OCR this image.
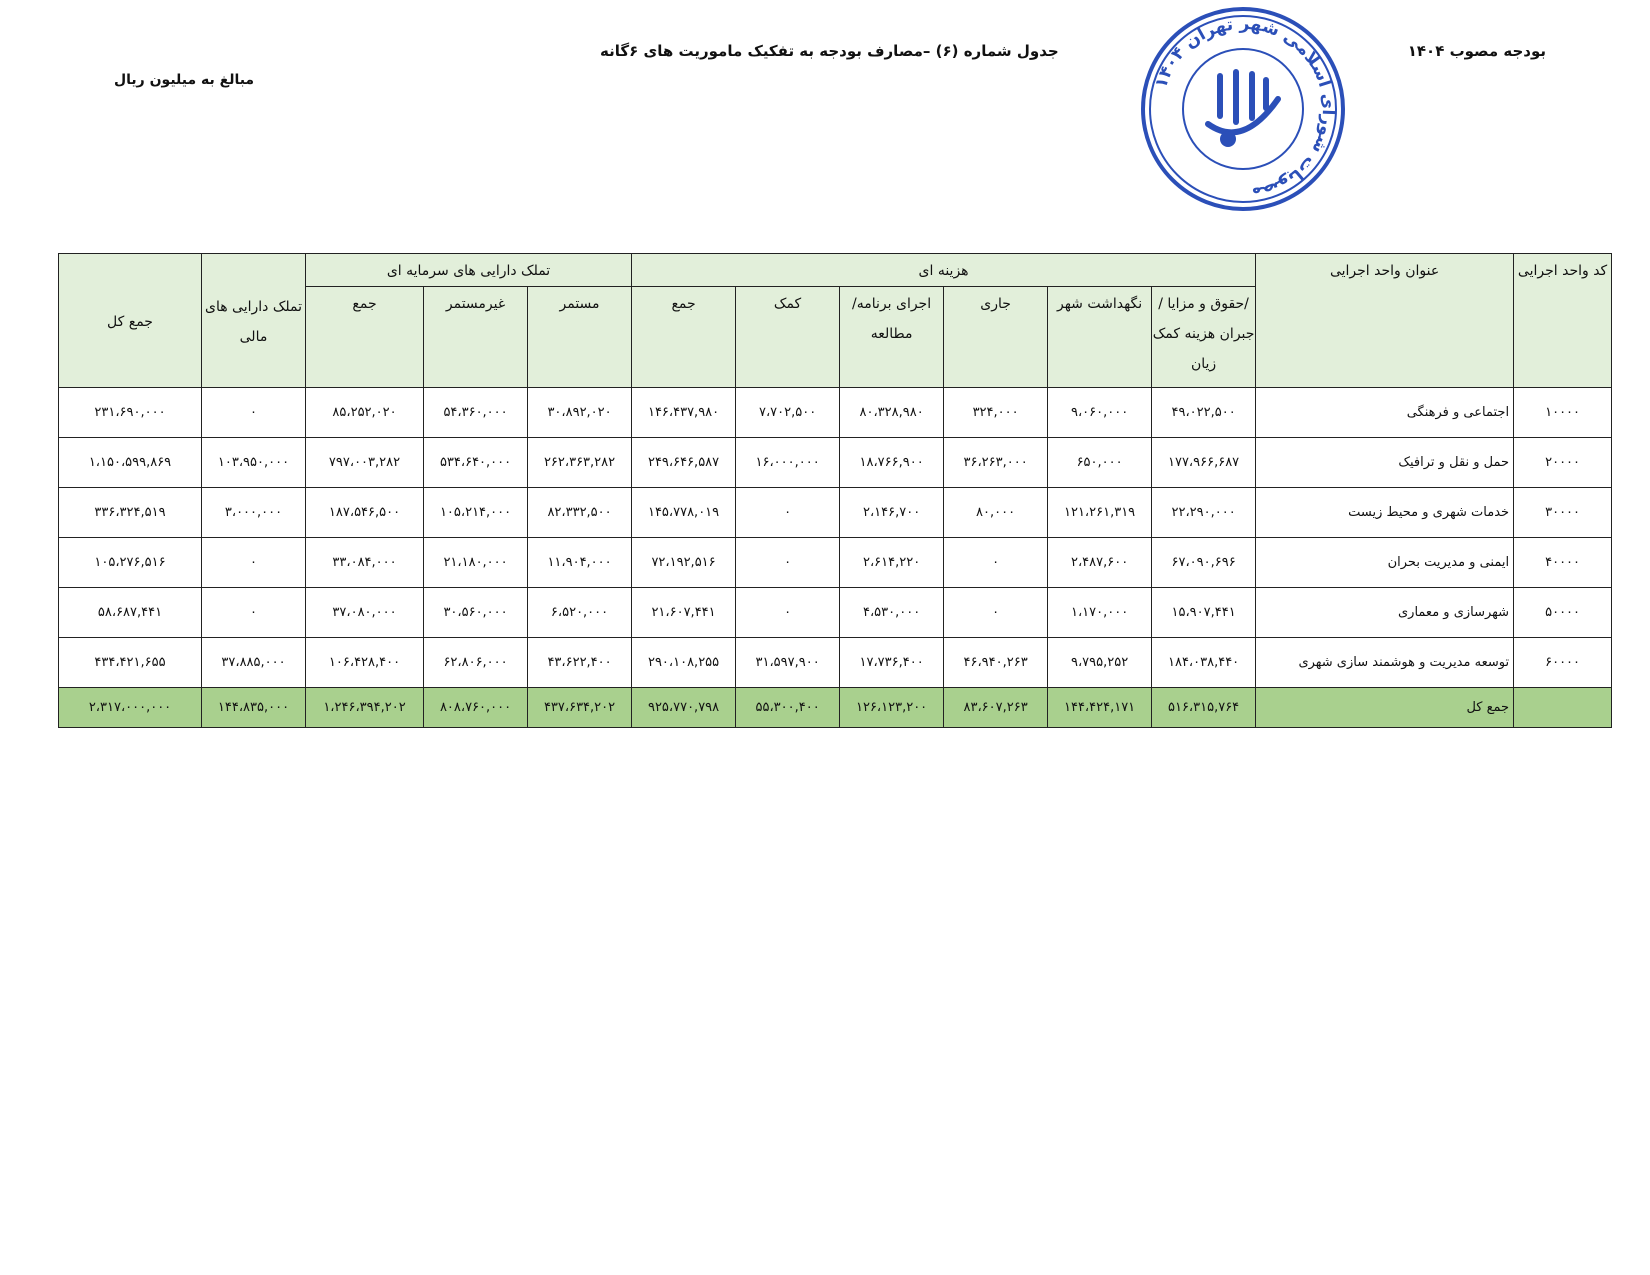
بودجه مصوب ۱۴۰۴
جدول شماره (۶) –مصارف بودجه به تفکیک ماموریت های ۶گانه
مبالغ به میلیون ریال	مصوبات شورای اسلامی شهر تهران ۱۴۰۴
کد واحد اجرایی	عنوان واحد اجرایی	هزینه ای						تملک دارایی های سرمایه ای			تملک دارایی های مالی	جمع کل
		/حقوق و مزایا /جبران هزینه کمک زیان	نگهداشت شهر	جاری	اجرای برنامه/مطالعه	کمک	جمع	مستمر	غیرمستمر	جمع		
۱۰۰۰۰	اجتماعی و فرهنگی	۴۹،۰۲۲,۵۰۰	۹،۰۶۰,۰۰۰	۳۲۴,۰۰۰	۸۰،۳۲۸,۹۸۰	۷،۷۰۲,۵۰۰	۱۴۶،۴۳۷,۹۸۰	۳۰،۸۹۲,۰۲۰	۵۴،۳۶۰,۰۰۰	۸۵،۲۵۲,۰۲۰	۰	۲۳۱،۶۹۰,۰۰۰
۲۰۰۰۰	حمل و نقل و ترافیک	۱۷۷،۹۶۶,۶۸۷	۶۵۰,۰۰۰	۳۶،۲۶۳,۰۰۰	۱۸،۷۶۶,۹۰۰	۱۶،۰۰۰,۰۰۰	۲۴۹،۶۴۶,۵۸۷	۲۶۲،۳۶۳,۲۸۲	۵۳۴،۶۴۰,۰۰۰	۷۹۷،۰۰۳,۲۸۲	۱۰۳،۹۵۰,۰۰۰	۱،۱۵۰،۵۹۹,۸۶۹
۳۰۰۰۰	خدمات شهری و محیط زیست	۲۲،۲۹۰,۰۰۰	۱۲۱،۲۶۱,۳۱۹	۸۰,۰۰۰	۲،۱۴۶,۷۰۰	۰	۱۴۵،۷۷۸,۰۱۹	۸۲،۳۳۲,۵۰۰	۱۰۵،۲۱۴,۰۰۰	۱۸۷،۵۴۶,۵۰۰	۳،۰۰۰,۰۰۰	۳۳۶،۳۲۴,۵۱۹
۴۰۰۰۰	ایمنی و مدیریت بحران	۶۷،۰۹۰,۶۹۶	۲،۴۸۷,۶۰۰	۰	۲،۶۱۴,۲۲۰	۰	۷۲،۱۹۲,۵۱۶	۱۱،۹۰۴,۰۰۰	۲۱،۱۸۰,۰۰۰	۳۳،۰۸۴,۰۰۰	۰	۱۰۵،۲۷۶,۵۱۶
۵۰۰۰۰	شهرسازی و معماری	۱۵،۹۰۷,۴۴۱	۱،۱۷۰,۰۰۰	۰	۴،۵۳۰,۰۰۰	۰	۲۱،۶۰۷,۴۴۱	۶،۵۲۰,۰۰۰	۳۰،۵۶۰,۰۰۰	۳۷،۰۸۰,۰۰۰	۰	۵۸،۶۸۷,۴۴۱
۶۰۰۰۰	توسعه مدیریت و هوشمند سازی شهری	۱۸۴،۰۳۸,۴۴۰	۹،۷۹۵,۲۵۲	۴۶،۹۴۰,۲۶۳	۱۷،۷۳۶,۴۰۰	۳۱،۵۹۷,۹۰۰	۲۹۰،۱۰۸,۲۵۵	۴۳،۶۲۲,۴۰۰	۶۲،۸۰۶,۰۰۰	۱۰۶،۴۲۸,۴۰۰	۳۷،۸۸۵,۰۰۰	۴۳۴،۴۲۱,۶۵۵
	جمع کل	۵۱۶،۳۱۵,۷۶۴	۱۴۴،۴۲۴,۱۷۱	۸۳،۶۰۷,۲۶۳	۱۲۶،۱۲۳,۲۰۰	۵۵،۳۰۰,۴۰۰	۹۲۵،۷۷۰,۷۹۸	۴۳۷،۶۳۴,۲۰۲	۸۰۸،۷۶۰,۰۰۰	۱،۲۴۶،۳۹۴,۲۰۲	۱۴۴،۸۳۵,۰۰۰	۲،۳۱۷،۰۰۰,۰۰۰
